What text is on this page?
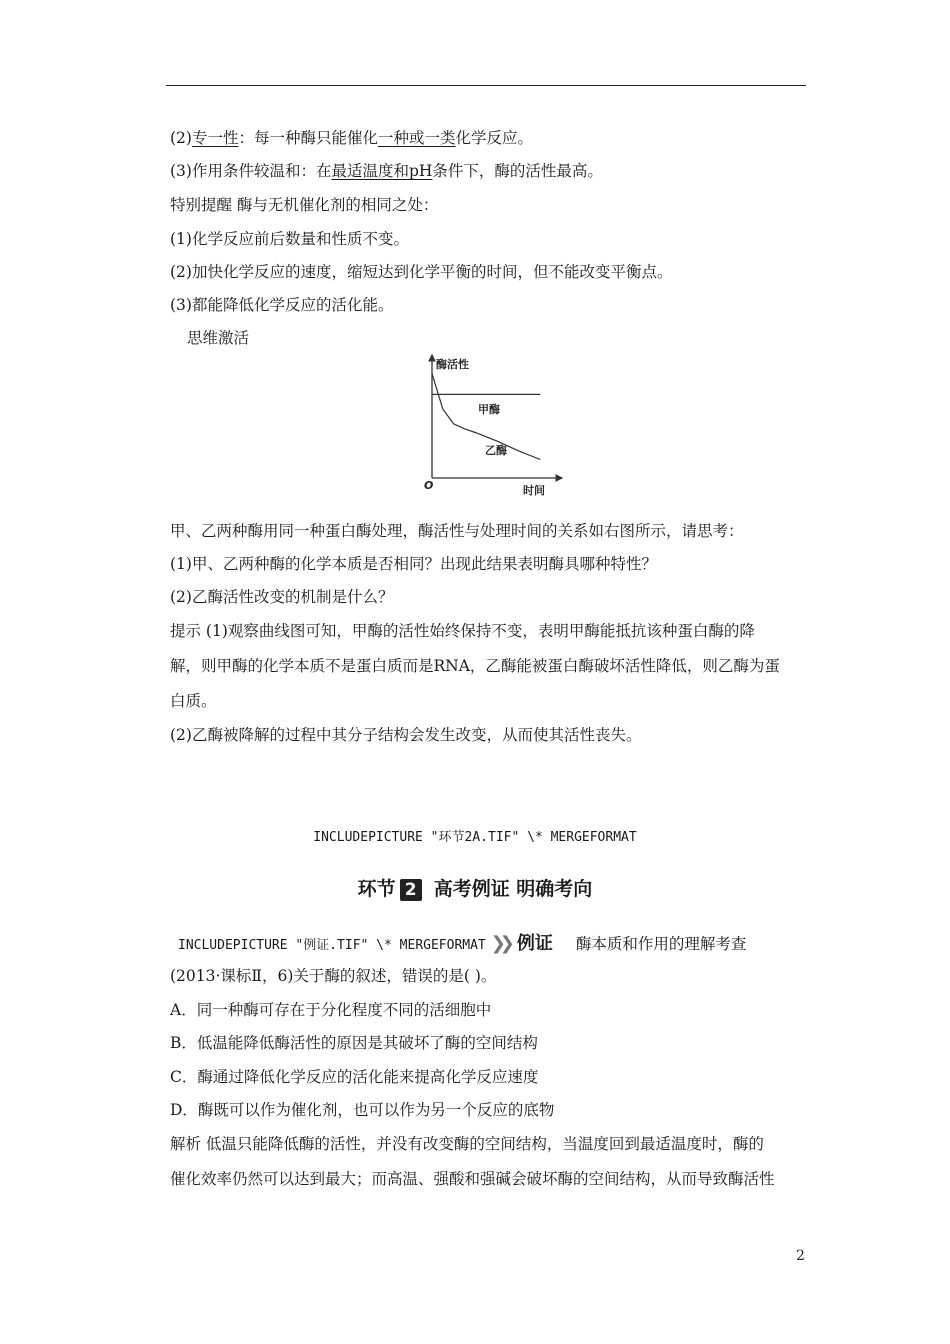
(2)专一性：每一种酶只能催化一种或一类化学反应。
(3)作用条件较温和：在最适温度和pH条件下，酶的活性最高。
特别提醒 酶与无机催化剂的相同之处：
(1)化学反应前后数量和性质不变。
(2)加快化学反应的速度，缩短达到化学平衡的时间，但不能改变平衡点。
(3)都能降低化学反应的活化能。
思维激活
酶活性
时间
O
甲酶
乙酶
甲、乙两种酶用同一种蛋白酶处理，酶活性与处理时间的关系如右图所示，请思考：
(1)甲、乙两种酶的化学本质是否相同？出现此结果表明酶具哪种特性？
(2)乙酶活性改变的机制是什么？
提示 (1)观察曲线图可知，甲酶的活性始终保持不变，表明甲酶能抵抗该种蛋白酶的降
解，则甲酶的化学本质不是蛋白质而是RNA，乙酶能被蛋白酶破坏活性降低，则乙酶为蛋
白质。
(2)乙酶被降解的过程中其分子结构会发生改变，从而使其活性丧失。
INCLUDEPICTURE "环节2A.TIF" \* MERGEFORMAT
环节 2 高考例证 明确考向
INCLUDEPICTURE "例证.TIF" \* MERGEFORMAT ❯❯ 例证 酶本质和作用的理解考查
(2013·课标Ⅱ，6)关于酶的叙述，错误的是( )。
A．同一种酶可存在于分化程度不同的活细胞中
B．低温能降低酶活性的原因是其破坏了酶的空间结构
C．酶通过降低化学反应的活化能来提高化学反应速度
D．酶既可以作为催化剂，也可以作为另一个反应的底物
解析 低温只能降低酶的活性，并没有改变酶的空间结构，当温度回到最适温度时，酶的
催化效率仍然可以达到最大；而高温、强酸和强碱会破坏酶的空间结构，从而导致酶活性
2
